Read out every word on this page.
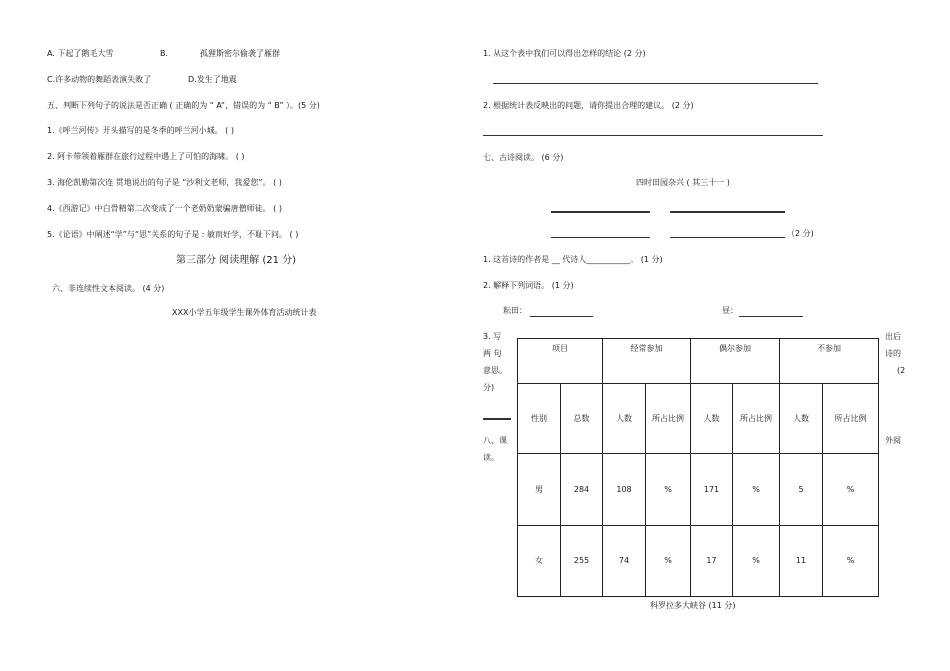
A. 下起了鹅毛大雪	B.	孤狸斯密尔偷袭了雁群
C.许多动物的舞蹈表演失败了	D.发生了地震
五、判断下列句子的说法是否正确 ( 正确的为 “ A”，错误的为 “ B” ）。(5 分)
1.《呼兰河传》开头描写的是冬季的呼兰河小城。 ( )
2. 阿卡带领着雁群在旅行过程中遇上了可怕的海啸。 ( )
3. 海伦凯勒第次连 贯地说出的句子是 “沙利文老师，我爱您”。 ( )
4.《西游记》中白骨精第二次变成了一个老奶奶蒙骗唐僧师徒。 ( )
5.《论语》中阐述“学”与“思”关系的句子是 : 敏而好学，不耻下问。 ( )
第三部分 阅读理解 (21 分)
六、非连续性文本阅读。 (4 分)
XXX小学五年级学生课外体育活动统计表
1. 从这个表中我们可以得出怎样的结论 (2 分)
2. 根据统计表反映出的问题，请你提出合理的建议。 (2 分)
七、古诗阅读。 (6 分)
四时田园杂兴 ( 其三十一 )
（2 分)
1. 这首诗的作者是 __ 代诗人___________。 (1 分)
2. 解释下列词语。 (1 分)
耘田：	昼：
3. 写
两 句
意思。
分)
八、课
读。
出后
诗的
(2
外阅
项目		经常参加		偶尔参加		不参加	
性别	总数	人数	所占比例	人数	所占比例	人数	所占比例
男	284	108	%	171	%	5	%
女	255	74	%	17	%	11	%
科罗拉多大峡谷 (11 分)
